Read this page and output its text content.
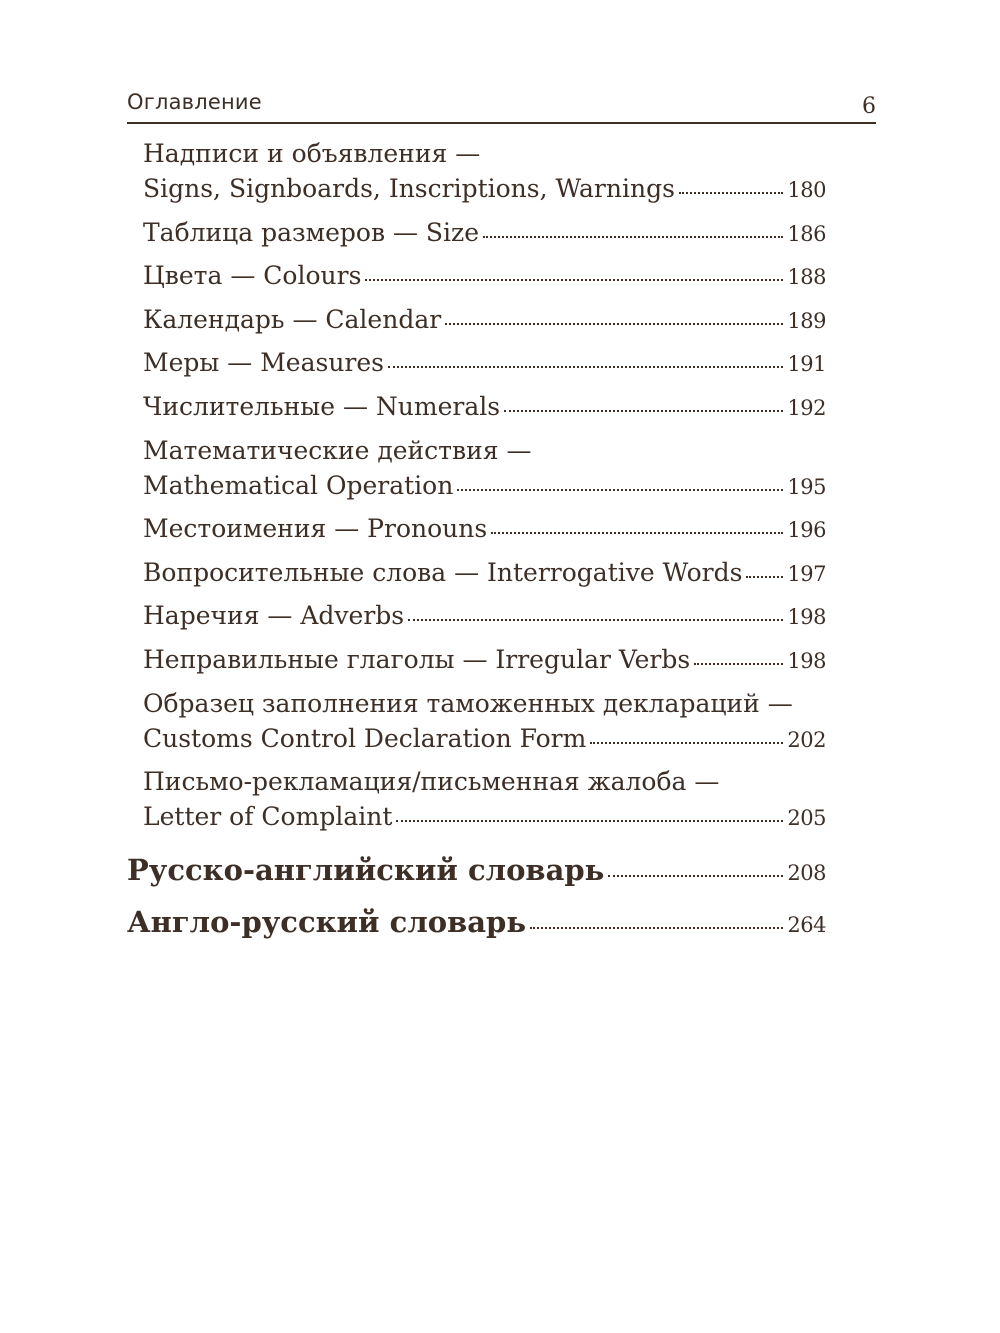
Оглавление	6
Надписи и объявления —
Signs, Signboards, Inscriptions, Warnings	180
Таблица размеров — Size	186
Цвета — Colours	188
Календарь — Calendar	189
Меры — Measures	191
Числительные — Numerals	192
Математические действия —
Mathematical Operation	195
Местоимения — Pronouns	196
Вопросительные слова — Interrogative Words 197
Наречия — Adverbs	198
Неправильные глаголы — Irregular Verbs	198
Образец заполнения таможенных деклараций —
Customs Control Declaration Form	202
Письмо-рекламация/письменная жалоба —
Letter of Complaint	205
Русско-английский словарь	208
Англо-русский словарь	264
